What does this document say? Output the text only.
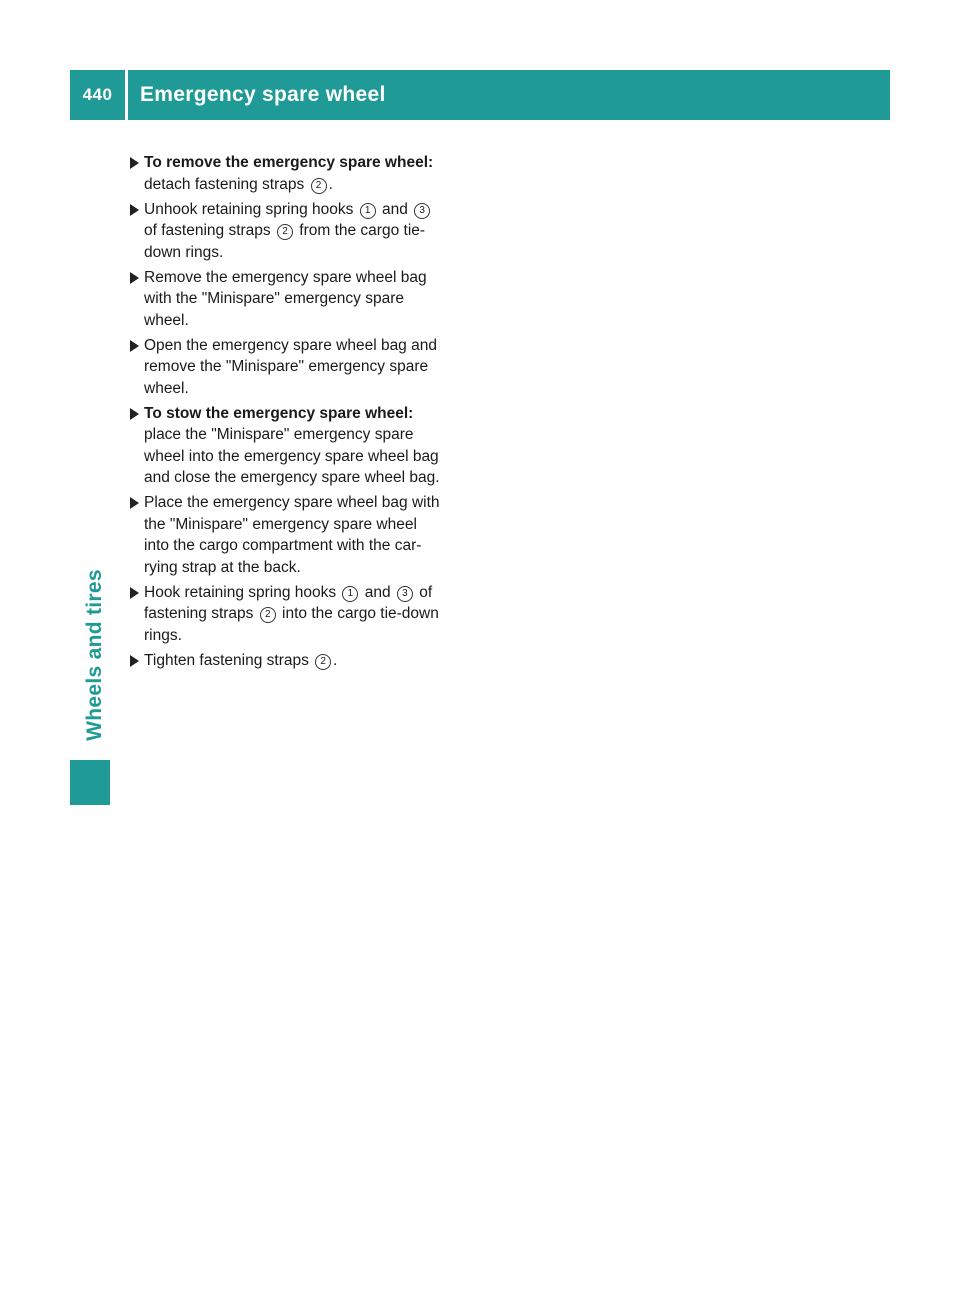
440	Emergency spare wheel
Wheels and tires
To remove the emergency spare wheel:
detach fastening straps 2 .
Unhook retaining spring hooks 1 and 3
of fastening straps 2 from the cargo tie-
down rings.
Remove the emergency spare wheel bag
with the "Minispare" emergency spare
wheel.
Open the emergency spare wheel bag and
remove the "Minispare" emergency spare
wheel.
To stow the emergency spare wheel:
place the "Minispare" emergency spare
wheel into the emergency spare wheel bag
and close the emergency spare wheel bag.
Place the emergency spare wheel bag with
the "Minispare" emergency spare wheel
into the cargo compartment with the car-
rying strap at the back.
Hook retaining spring hooks 1 and 3 of
fastening straps 2 into the cargo tie-down
rings.
Tighten fastening straps 2 .
